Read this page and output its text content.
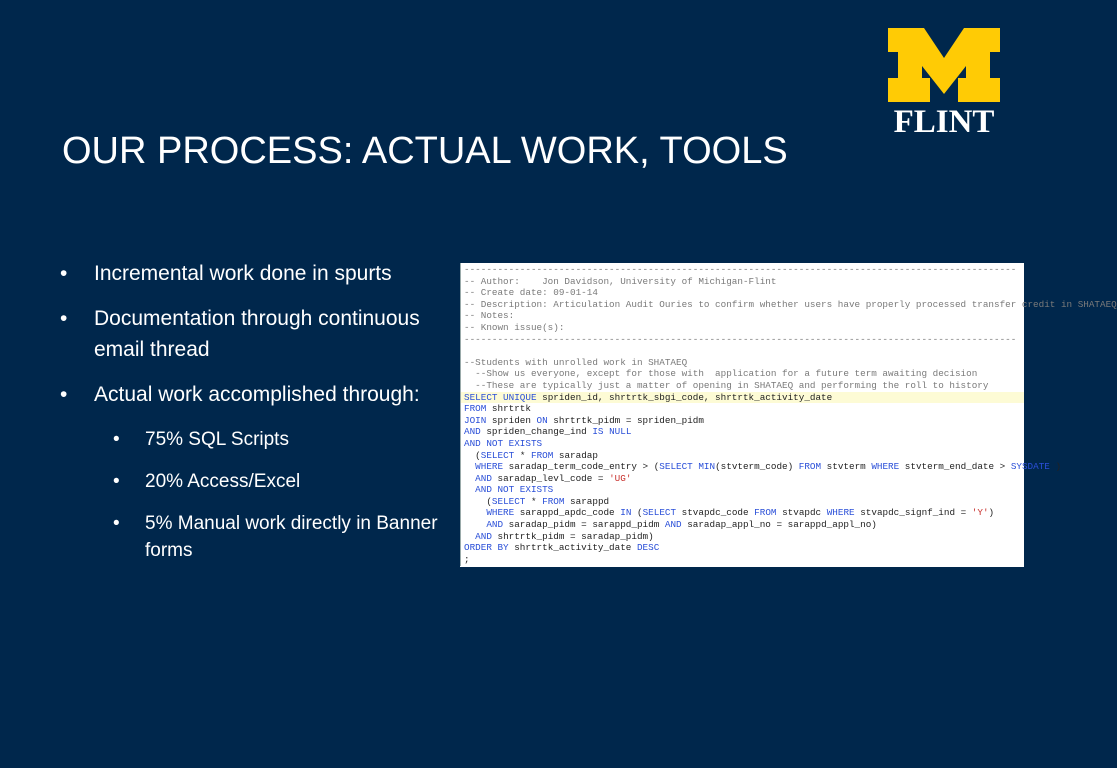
FLINT
OUR PROCESS: ACTUAL WORK, TOOLS
• Incremental work done in spurts
• Documentation through continuous email thread
• Actual work accomplished through:
• 75% SQL Scripts
• 20% Access/Excel
• 5% Manual work directly in Banner forms
---------------------------------------------------------------------------------------------------
-- Author:    Jon Davidson, University of Michigan-Flint
-- Create date: 09-01-14
-- Description: Articulation Audit Ouries to confirm whether users have properly processed transfer credit in SHATAEQ
-- Notes:
-- Known issue(s):
---------------------------------------------------------------------------------------------------
--Students with unrolled work in SHATAEQ
--Show us everyone, except for those with  application for a future term awaiting decision
--These are typically just a matter of opening in SHATAEQ and performing the roll to history
SELECT UNIQUE spriden_id, shrtrtk_sbgi_code, shrtrtk_activity_date
FROM shrtrtk
JOIN spriden ON shrtrtk_pidm = spriden_pidm
AND spriden_change_ind IS NULL
AND NOT EXISTS
(SELECT * FROM saradap
WHERE saradap_term_code_entry > (SELECT MIN(stvterm_code) FROM stvterm WHERE stvterm_end_date > SYSDATE )
AND saradap_levl_code = 'UG'
AND NOT EXISTS
(SELECT * FROM sarappd
WHERE sarappd_apdc_code IN (SELECT stvapdc_code FROM stvapdc WHERE stvapdc_signf_ind = 'Y')
AND saradap_pidm = sarappd_pidm AND saradap_appl_no = sarappd_appl_no)
AND shrtrtk_pidm = saradap_pidm)
ORDER BY shrtrtk_activity_date DESC
;
